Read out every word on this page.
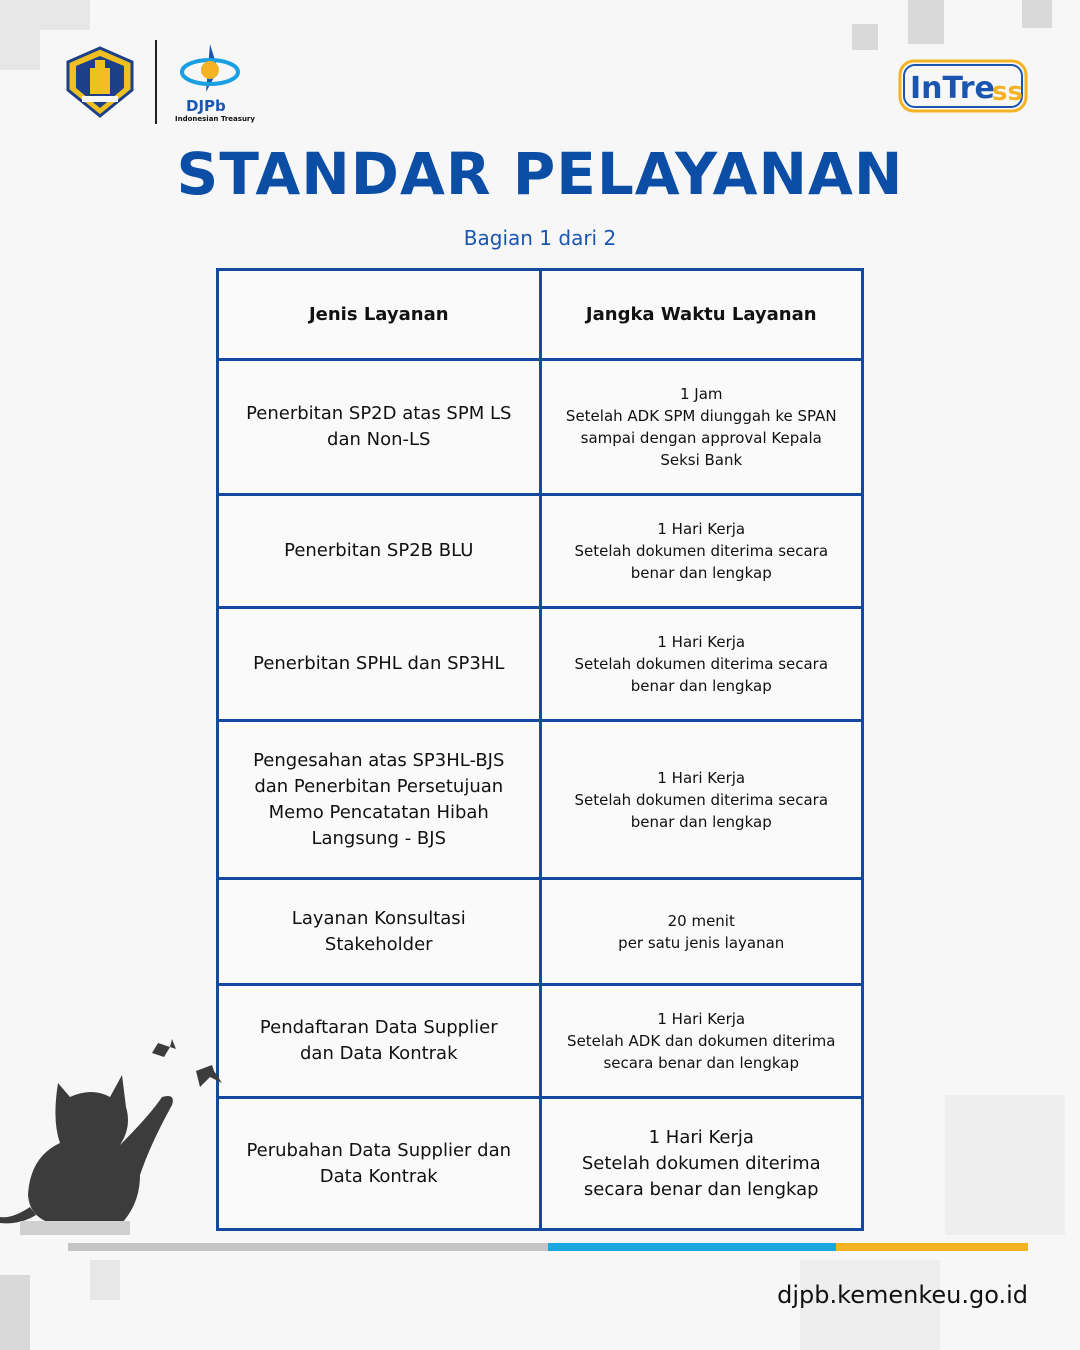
DJPb
Indonesian Treasury
InTre
ss
STANDAR PELAYANAN
Bagian 1 dari 2
Jenis Layanan	Jangka Waktu Layanan

Penerbitan SP2D atas SPM LS
dan Non-LS	1 Jam
Setelah ADK SPM diunggah ke SPAN
sampai dengan approval Kepala
Seksi Bank

Penerbitan SP2B BLU	1 Hari Kerja
Setelah dokumen diterima secara
benar dan lengkap

Penerbitan SPHL dan SP3HL	1 Hari Kerja
Setelah dokumen diterima secara
benar dan lengkap

Pengesahan atas SP3HL-BJS
dan Penerbitan Persetujuan
Memo Pencatatan Hibah
Langsung - BJS	1 Hari Kerja
Setelah dokumen diterima secara
benar dan lengkap

Layanan Konsultasi
Stakeholder	20 menit
per satu jenis layanan

Pendaftaran Data Supplier
dan Data Kontrak	1 Hari Kerja
Setelah ADK dan dokumen diterima
secara benar dan lengkap

Perubahan Data Supplier dan
Data Kontrak	1 Hari Kerja
Setelah dokumen diterima
secara benar dan lengkap
djpb.kemenkeu.go.id
